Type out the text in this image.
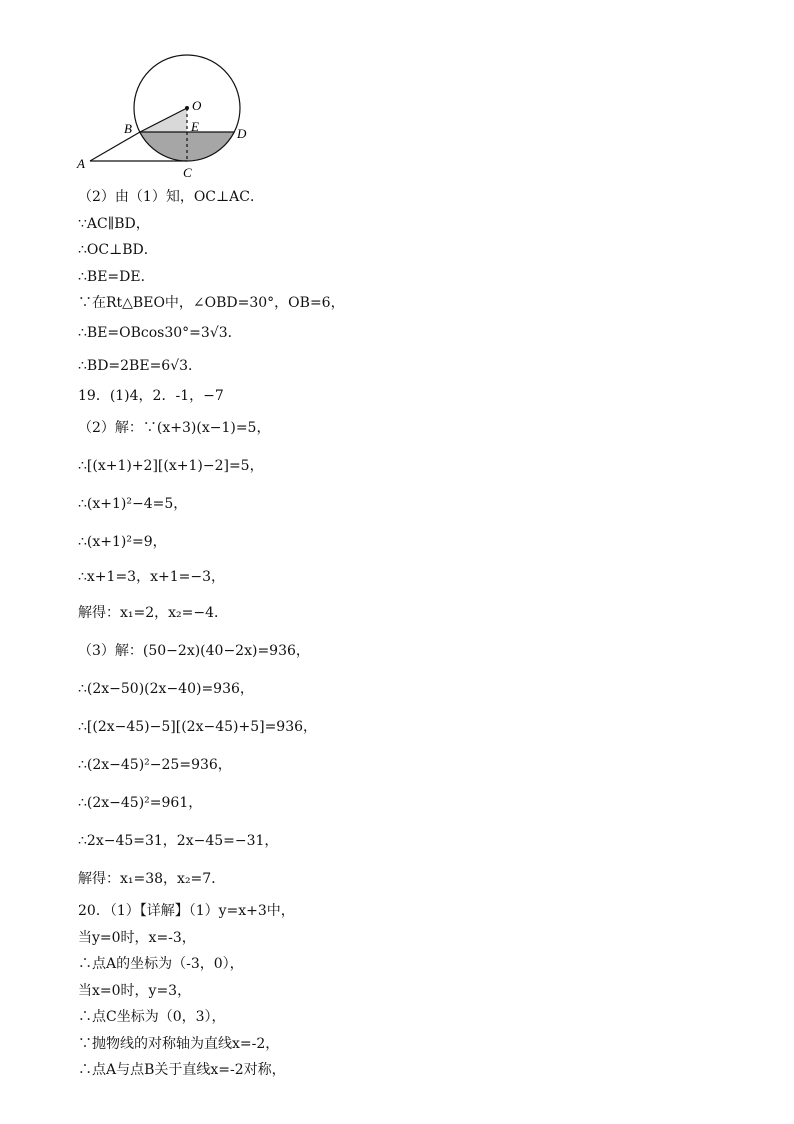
O
B	E	D
A
C
（2）由（1）知，OC⊥AC．
∵AC∥BD，
∴OC⊥BD．
∴BE=DE．
∵在Rt△BEO中，∠OBD=30°，OB=6，
∴BE=OBcos30°=3√3．
∴BD=2BE=6√3．
19．(1)4，2．-1，−7
（2）解：∵(x+3)(x−1)=5，
∴[(x+1)+2][(x+1)−2]=5，
∴(x+1)²−4=5，
∴(x+1)²=9，
∴x+1=3，x+1=−3，
解得：x₁=2，x₂=−4．
（3）解：(50−2x)(40−2x)=936，
∴(2x−50)(2x−40)=936，
∴[(2x−45)−5][(2x−45)+5]=936，
∴(2x−45)²−25=936，
∴(2x−45)²=961，
∴2x−45=31，2x−45=−31，
解得：x₁=38，x₂=7．
20．（1）【详解】（1）y=x+3中，
当y=0时，x=-3，
∴点A的坐标为（-3，0），
当x=0时，y=3，
∴点C坐标为（0，3），
∵抛物线的对称轴为直线x=-2，
∴点A与点B关于直线x=-2对称，
